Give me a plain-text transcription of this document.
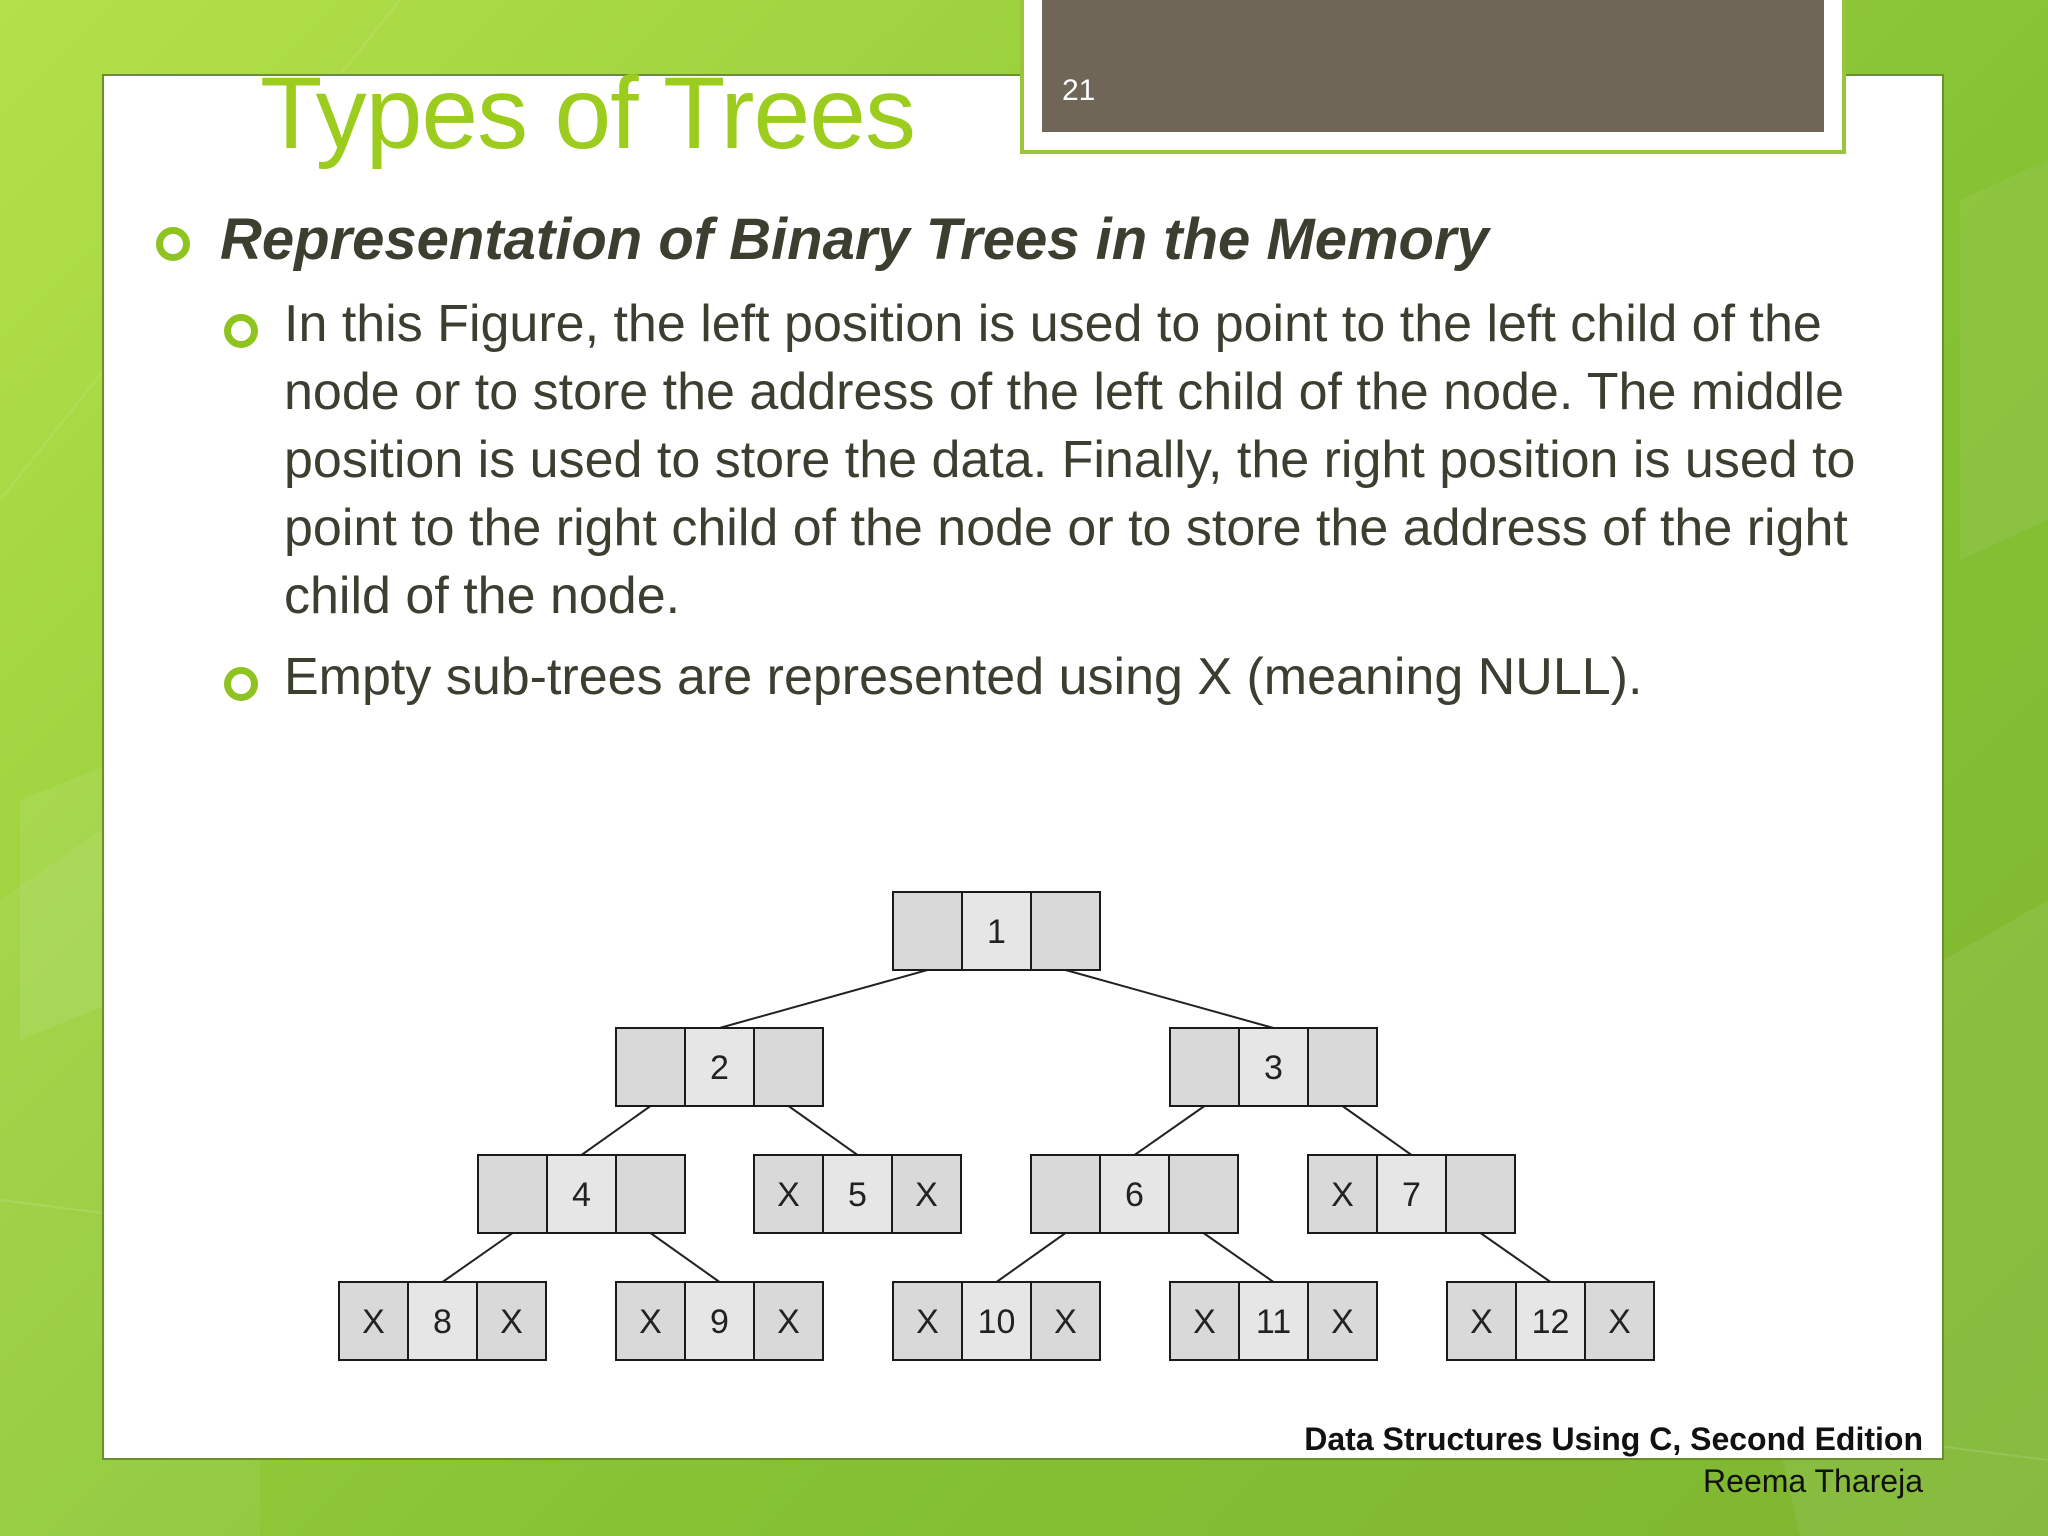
21
Types of Trees

Representation of Binary Trees in the Memory

In this Figure, the left position is used to point to the left child of the node or to store the address of the left child of the node. The middle position is used to store the data. Finally, the right position is used to point to the right child of the node or to store the address of the right child of the node.

Empty sub-trees are represented using X (meaning NULL).

1
2	3
4	X 5 X	6	X 7
X 8 X	X 9 X	X 10 X	X 11 X	X 12 X
Data Structures Using C, Second Edition
Reema Thareja
